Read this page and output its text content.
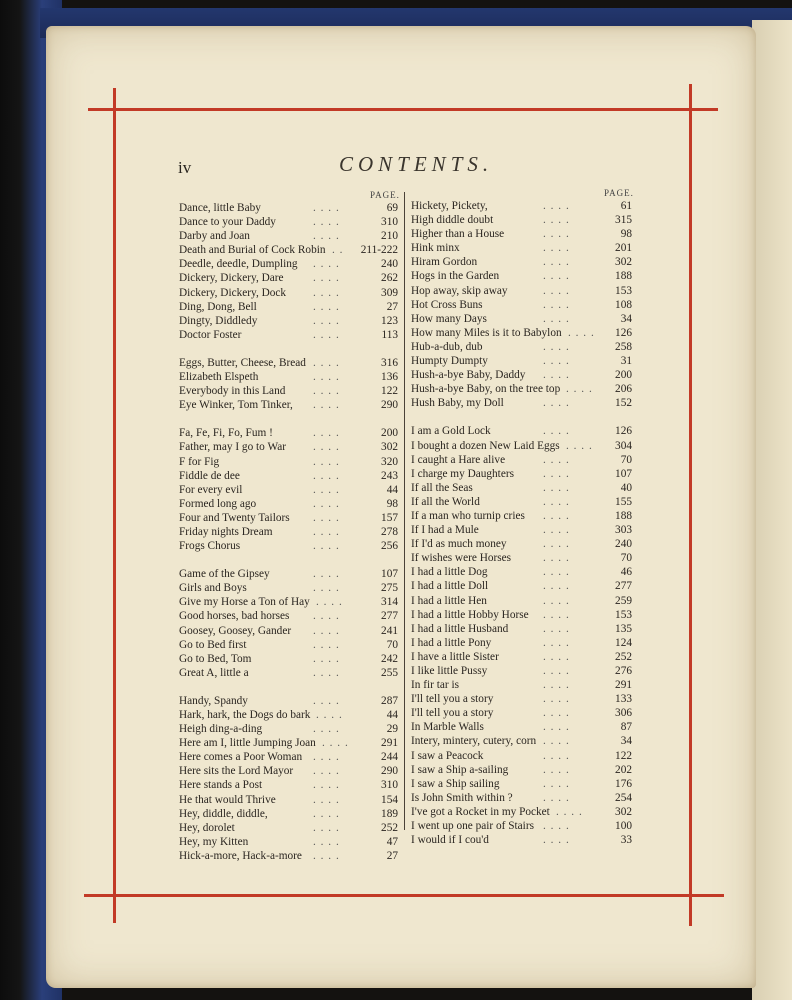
iv	CONTENTS.
PAGE.	PAGE.
Dance, little Baby	. . . .	69
Dance to your Daddy	. . . .	310
Darby and Joan	. . . .	210
Death and Burial of Cock Robin . . 211-222
Deedle, deedle, Dumpling . . . .	240
Dickery, Dickery, Dare	. . . .	262
Dickery, Dickery, Dock . . . .	309
Ding, Dong, Bell	. . . .	27
Dingty, Diddledy	. . . .	123
Doctor Foster	. . . .	113
Eggs, Butter, Cheese, Bread . . . .	316
Elizabeth Elspeth	. . . .	136
Everybody in this Land . . . .	122
Eye Winker, Tom Tinker, . . . .	290
Fa, Fe, Fi, Fo, Fum !	. . . .	200
Father, may I go to War . . . .	302
F for Fig	. . . .	320
Fiddle de dee	. . . .	243
For every evil	. . . .	44
Formed long ago	. . . .	98
Four and Twenty Tailors . . . .	157
Friday nights Dream	. . . .	278
Frogs Chorus	. . . .	256
Game of the Gipsey	. . . .	107
Girls and Boys	. . . .	275
Give my Horse a Ton of Hay . . . .	314
Good horses, bad horses . . . .	277
Goosey, Goosey, Gander . . . .	241
Go to Bed first	. . . .	70
Go to Bed, Tom	. . . .	242
Great A, little a	. . . .	255
Handy, Spandy	. . . .	287
Hark, hark, the Dogs do bark . . . .	44
Heigh ding-a-ding	. . . .	29
Here am I, little Jumping Joan . . . .	291
Here comes a Poor Woman . . . .	244
Here sits the Lord Mayor . . . .	290
Here stands a Post	. . . .	310
He that would Thrive	. . . .	154
Hey, diddle, diddle,	. . . .	189
Hey, dorolet	. . . .	252
Hey, my Kitten	. . . .	47
Hick-a-more, Hack-a-more . . . .	27
Hickety, Pickety,	. . . .	61
High diddle doubt	. . . .	315
Higher than a House	. . . .	98
Hink minx	. . . .	201
Hiram Gordon	. . . .	302
Hogs in the Garden	. . . .	188
Hop away, skip away	. . . .	153
Hot Cross Buns	. . . .	108
How many Days	. . . .	34
How many Miles is it to Babylon . . . . 126
Hub-a-dub, dub	. . . .	258
Humpty Dumpty	. . . .	31
Hush-a-bye Baby, Daddy . . . .	200
Hush-a-bye Baby, on the tree top . . . . 206
Hush Baby, my Doll	. . . .	152
I am a Gold Lock	. . . .	126
I bought a dozen New Laid Eggs . . . . 304
I caught a Hare alive	. . . .	70
I charge my Daughters	. . . .	107
If all the Seas	. . . .	40
If all the World	. . . .	155
If a man who turnip cries . . . .	188
If I had a Mule	. . . .	303
If I'd as much money	. . . .	240
If wishes were Horses	. . . .	70
I had a little Dog	. . . .	46
I had a little Doll	. . . .	277
I had a little Hen	. . . .	259
I had a little Hobby Horse . . . .	153
I had a little Husband	. . . .	135
I had a little Pony	. . . .	124
I have a little Sister	. . . .	252
I like little Pussy	. . . .	276
In fir tar is	. . . .	291
I'll tell you a story	. . . .	133
I'll tell you a story	. . . .	306
In Marble Walls	. . . .	87
Intery, mintery, cutery, corn . . . .	34
I saw a Peacock	. . . .	122
I saw a Ship a-sailing	. . . .	202
I saw a Ship sailing	. . . .	176
Is John Smith within ?	. . . .	254
I've got a Rocket in my Pocket . . . .	302
I went up one pair of Stairs . . . .	100
I would if I cou'd	. . . .	33
